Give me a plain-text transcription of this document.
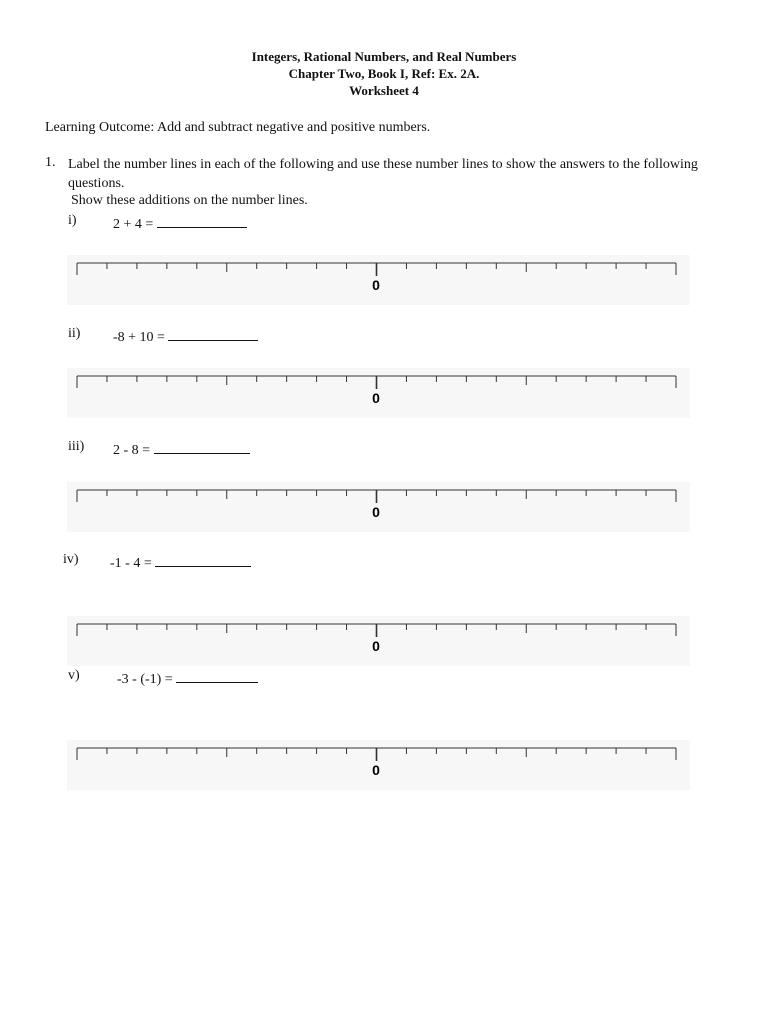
Integers, Rational Numbers, and Real Numbers
Chapter Two, Book I, Ref: Ex. 2A.
Worksheet 4
Learning Outcome: Add and subtract negative and positive numbers.
1. Label the number lines in each of the following and use these number lines to show the answers to the following questions.
Show these additions on the number lines.
i)	2 + 4 =
0
ii) -8 + 10 =
0
iii) 2 - 8 =
0
iv) -1 - 4 =
0
v)	-3 - (-1) =
0
